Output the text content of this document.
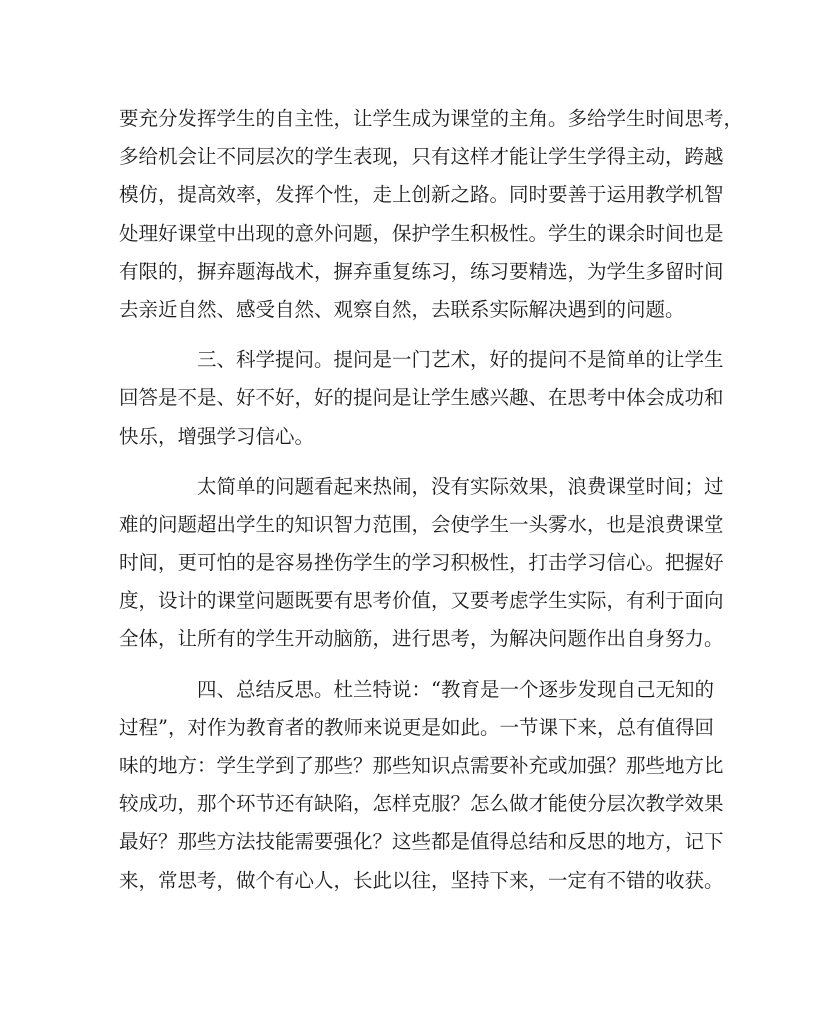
要充分发挥学生的自主性，让学生成为课堂的主角。多给学生时间思考，
多给机会让不同层次的学生表现，只有这样才能让学生学得主动，跨越
模仿，提高效率，发挥个性，走上创新之路。同时要善于运用教学机智
处理好课堂中出现的意外问题，保护学生积极性。学生的课余时间也是
有限的，摒弃题海战术，摒弃重复练习，练习要精选，为学生多留时间
去亲近自然、感受自然、观察自然，去联系实际解决遇到的问题。
三、科学提问。提问是一门艺术，好的提问不是简单的让学生
回答是不是、好不好，好的提问是让学生感兴趣、在思考中体会成功和
快乐，增强学习信心。
太简单的问题看起来热闹，没有实际效果，浪费课堂时间；过
难的问题超出学生的知识智力范围，会使学生一头雾水，也是浪费课堂
时间，更可怕的是容易挫伤学生的学习积极性，打击学习信心。把握好
度，设计的课堂问题既要有思考价值，又要考虑学生实际，有利于面向
全体，让所有的学生开动脑筋，进行思考，为解决问题作出自身努力。
四、总结反思。杜兰特说：“教育是一个逐步发现自己无知的
过程”，对作为教育者的教师来说更是如此。一节课下来，总有值得回
味的地方：学生学到了那些？那些知识点需要补充或加强？那些地方比
较成功，那个环节还有缺陷，怎样克服？怎么做才能使分层次教学效果
最好？那些方法技能需要强化？这些都是值得总结和反思的地方，记下
来，常思考，做个有心人，长此以往，坚持下来，一定有不错的收获。
